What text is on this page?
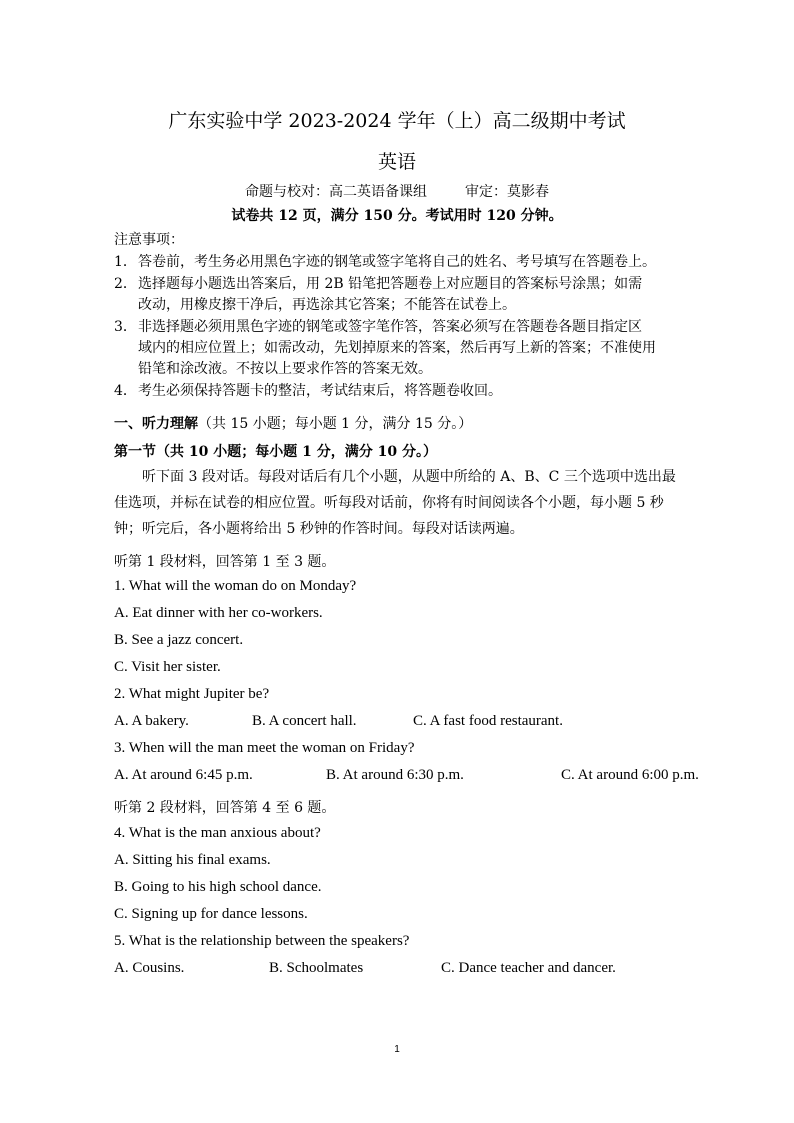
广东实验中学 2023-2024 学年（上）高二级期中考试
英语
命题与校对：高二英语备课组	审定：莫影春
试卷共 12 页，满分 150 分。考试用时 120 分钟。
注意事项：
1．答卷前，考生务必用黑色字迹的钢笔或签字笔将自己的姓名、考号填写在答题卷上。
2．选择题每小题选出答案后，用 2B 铅笔把答题卷上对应题目的答案标号涂黑；如需
改动，用橡皮擦干净后，再选涂其它答案；不能答在试卷上。
3．非选择题必须用黑色字迹的钢笔或签字笔作答，答案必须写在答题卷各题目指定区
域内的相应位置上；如需改动，先划掉原来的答案，然后再写上新的答案；不准使用
铅笔和涂改液。不按以上要求作答的答案无效。
4．考生必须保持答题卡的整洁，考试结束后，将答题卷收回。
一、听力理解（共 15 小题；每小题 1 分，满分 15 分。）
第一节（共 10 小题；每小题 1 分，满分 10 分。）
听下面 3 段对话。每段对话后有几个小题，从题中所给的 A、B、C 三个选项中选出最佳选项，并标在试卷的相应位置。听每段对话前，你将有时间阅读各个小题，每小题 5 秒钟；听完后，各小题将给出 5 秒钟的作答时间。每段对话读两遍。
听第 1 段材料，回答第 1 至 3 题。
1. What will the woman do on Monday?
A. Eat dinner with her co-workers.
B. See a jazz concert.
C. Visit her sister.
2. What might Jupiter be?
A. A bakery.	B. A concert hall.	C. A fast food restaurant.
3. When will the man meet the woman on Friday?
A. At around 6:45 p.m.	B. At around 6:30 p.m.	C. At around 6:00 p.m.
听第 2 段材料，回答第 4 至 6 题。
4. What is the man anxious about?
A. Sitting his final exams.
B. Going to his high school dance.
C. Signing up for dance lessons.
5. What is the relationship between the speakers?
A. Cousins.	B. Schoolmates	C. Dance teacher and dancer.
1
